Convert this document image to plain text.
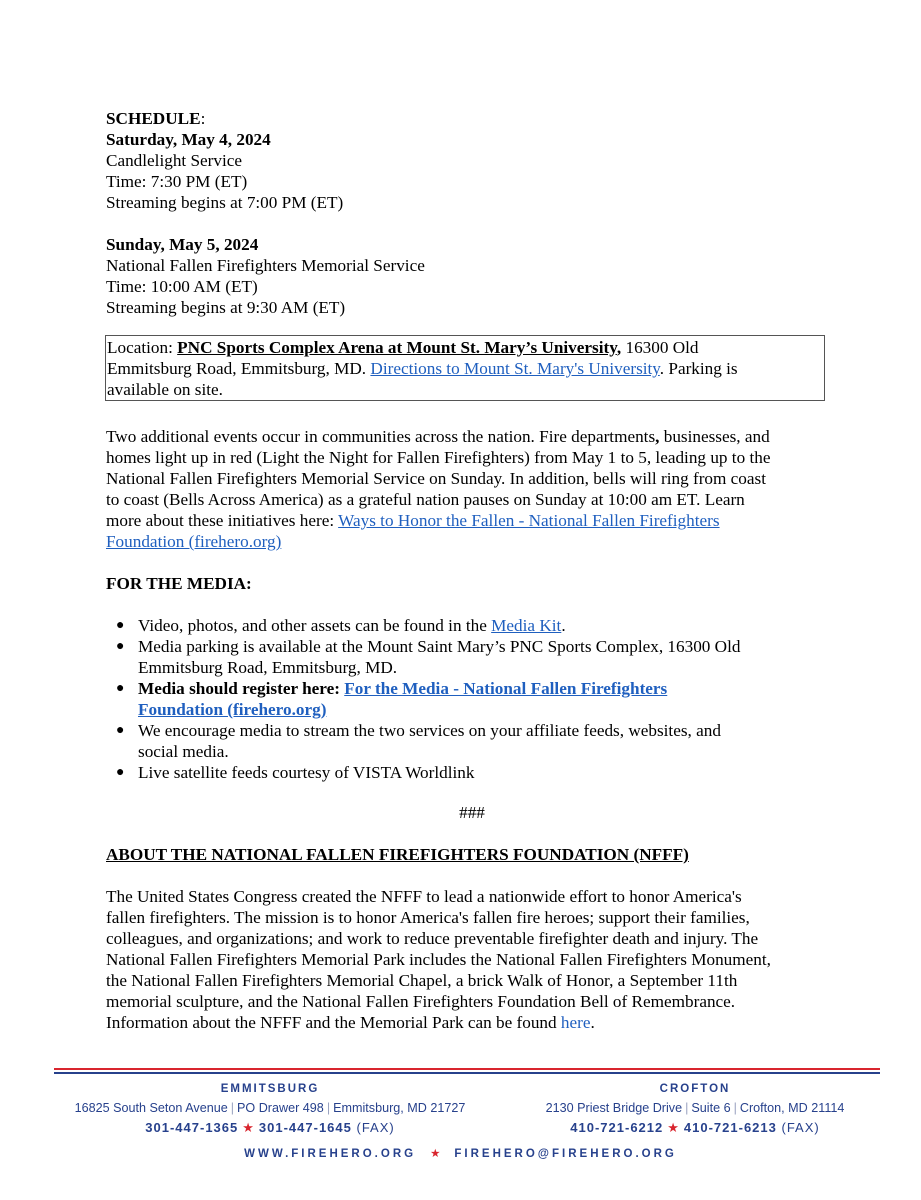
SCHEDULE:
Saturday, May 4, 2024
Candlelight Service
Time: 7:30 PM (ET)
Streaming begins at 7:00 PM (ET)
Sunday, May 5, 2024
National Fallen Firefighters Memorial Service
Time: 10:00 AM (ET)
Streaming begins at 9:30 AM (ET)
Location: PNC Sports Complex Arena at Mount St. Mary’s University, 16300 Old
Emmitsburg Road, Emmitsburg, MD. Directions to Mount St. Mary's University. Parking is
available on site.
Two additional events occur in communities across the nation. Fire departments, businesses, and
homes light up in red (Light the Night for Fallen Firefighters) from May 1 to 5, leading up to the
National Fallen Firefighters Memorial Service on Sunday. In addition, bells will ring from coast
to coast (Bells Across America) as a grateful nation pauses on Sunday at 10:00 am ET. Learn
more about these initiatives here: Ways to Honor the Fallen - National Fallen Firefighters
Foundation (firehero.org)
FOR THE MEDIA:
● Video, photos, and other assets can be found in the Media Kit.
● Media parking is available at the Mount Saint Mary’s PNC Sports Complex, 16300 Old
Emmitsburg Road, Emmitsburg, MD.
● Media should register here: For the Media - National Fallen Firefighters
Foundation (firehero.org)
● We encourage media to stream the two services on your affiliate feeds, websites, and
social media.
● Live satellite feeds courtesy of VISTA Worldlink
###
ABOUT THE NATIONAL FALLEN FIREFIGHTERS FOUNDATION (NFFF)
The United States Congress created the NFFF to lead a nationwide effort to honor America's
fallen firefighters. The mission is to honor America's fallen fire heroes; support their families,
colleagues, and organizations; and work to reduce preventable firefighter death and injury. The
National Fallen Firefighters Memorial Park includes the National Fallen Firefighters Monument,
the National Fallen Firefighters Memorial Chapel, a brick Walk of Honor, a September 11th
memorial sculpture, and the National Fallen Firefighters Foundation Bell of Remembrance.
Information about the NFFF and the Memorial Park can be found here.
EMMITSBURG
16825 South Seton Avenue | PO Drawer 498 | Emmitsburg, MD 21727
301-447-1365 ★ 301-447-1645 (FAX)
CROFTON
2130 Priest Bridge Drive | Suite 6 | Crofton, MD 21114
410-721-6212 ★ 410-721-6213 (FAX)
WWW.FIREHERO.ORG ★ FIREHERO@FIREHERO.ORG
